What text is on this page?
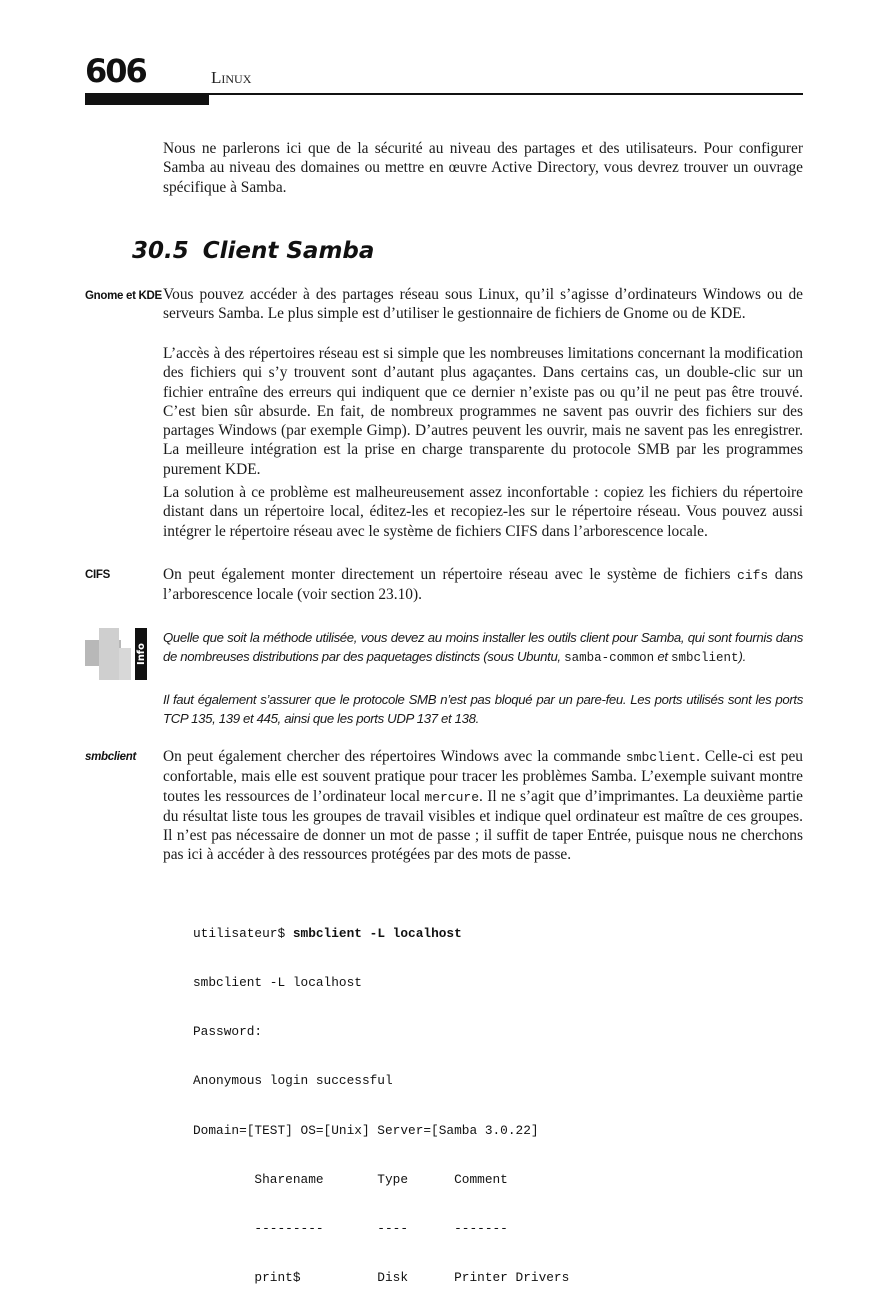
606	Linux

Nous ne parlerons ici que de la sécurité au niveau des partages et des utilisateurs. Pour configurer Samba au niveau des domaines ou mettre en œuvre Active Directory, vous devrez trouver un ouvrage spécifique à Samba.

30.5 Client Samba
Gnome et KDE Vous pouvez accéder à des partages réseau sous Linux, qu’il s’agisse d’ordinateurs Windows ou de serveurs Samba. Le plus simple est d’utiliser le gestionnaire de fichiers de Gnome ou de KDE.

L’accès à des répertoires réseau est si simple que les nombreuses limitations concernant la modification des fichiers qui s’y trouvent sont d’autant plus agaçantes. Dans certains cas, un double-clic sur un fichier entraîne des erreurs qui indiquent que ce dernier n’existe pas ou qu’il ne peut pas être trouvé. C’est bien sûr absurde. En fait, de nombreux programmes ne savent pas ouvrir des fichiers sur des partages Windows (par exemple Gimp). D’autres peuvent les ouvrir, mais ne savent pas les enregistrer. La meilleure intégration est la prise en charge transparente du protocole SMB par les programmes purement KDE.

La solution à ce problème est malheureusement assez inconfortable : copiez les fichiers du répertoire distant dans un répertoire local, éditez-les et recopiez-les sur le répertoire réseau. Vous pouvez aussi intégrer le répertoire réseau avec le système de fichiers CIFS dans l’arborescence locale.

CIFS	On peut également monter directement un répertoire réseau avec le système de fichiers cifs dans l’arborescence locale (voir section 23.10).

Info

Quelle que soit la méthode utilisée, vous devez au moins installer les outils client pour Samba, qui sont fournis dans de nombreuses distributions par des paquetages distincts (sous Ubuntu, samba-common et smbclient).

Il faut également s’assurer que le protocole SMB n’est pas bloqué par un pare-feu. Les ports utilisés sont les ports TCP 135, 139 et 445, ainsi que les ports UDP 137 et 138.

smbclient On peut également chercher des répertoires Windows avec la commande smbclient. Celle-ci est peu confortable, mais elle est souvent pratique pour tracer les problèmes Samba. L’exemple suivant montre toutes les ressources de l’ordinateur local mercure. Il ne s’agit que d’imprimantes. La deuxième partie du résultat liste tous les groupes de travail visibles et indique quel ordinateur est maître de ces groupes. Il n’est pas nécessaire de donner un mot de passe ; il suffit de taper Entrée, puisque nous ne cherchons pas ici à accéder à des ressources protégées par des mots de passe.

utilisateur$ smbclient -L localhost

smbclient -L localhost

Password:

Anonymous login successful

Domain=[TEST] OS=[Unix] Server=[Samba 3.0.22]

Sharename       Type      Comment

---------       ----      -------

print$          Disk      Printer Drivers
